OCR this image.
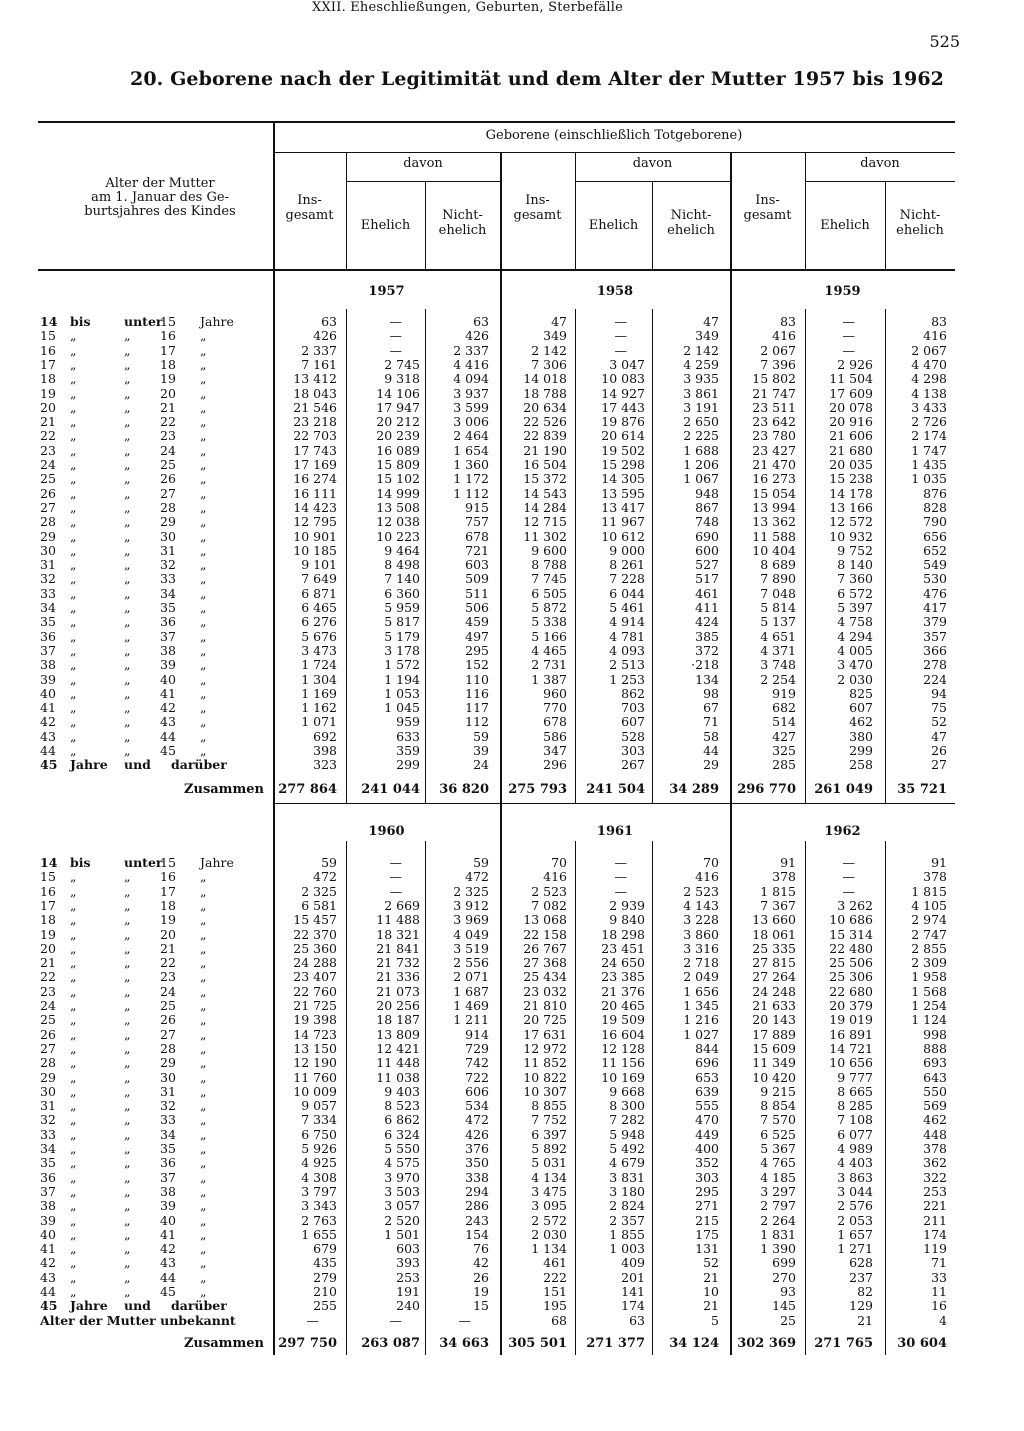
XXII. Eheschließungen, Geburten, Sterbefälle
525
20. Geborene nach der Legitimität und dem Alter der Mutter 1957 bis 1962
Alter der Mutter
am 1. Januar des Ge-
burtsjahres des Kindes
Geborene (einschließlich Totgeborene)
davon
Ins-
gesamt
Ehelich
Nicht-
ehelich
davon
Ins-
gesamt
Ehelich
Nicht-
ehelich
davon
Ins-
gesamt
Ehelich
Nicht-
ehelich
1957	1958	1959
14 bis	unter
15 Jahre	63	—	63	47	—	47	83	—	83
15 „	„ 16 „	426	—	426	349	—	349	416	—	416
16 „	„ 17 „	2 337	—	2 337	2 142	—	2 142	2 067	—	2 067
17 „	„ 18 „	7 161	2 745	4 416	7 306	3 047	4 259	7 396	2 926	4 470
18 „	„ 19 „	13 412	9 318	4 094	14 018	10 083	3 935	15 802	11 504	4 298
19 „	„ 20 „	18 043	14 106	3 937	18 788	14 927	3 861	21 747	17 609	4 138
20 „	„ 21 „	21 546	17 947	3 599	20 634	17 443	3 191	23 511	20 078	3 433
21 „	„ 22 „	23 218	20 212	3 006	22 526	19 876	2 650	23 642	20 916	2 726
22 „	„ 23 „	22 703	20 239	2 464	22 839	20 614	2 225	23 780	21 606	2 174
23 „	„ 24 „	17 743	16 089	1 654	21 190	19 502	1 688	23 427	21 680	1 747
24 „	„ 25 „	17 169	15 809	1 360	16 504	15 298	1 206	21 470	20 035	1 435
25 „	„ 26 „	16 274	15 102	1 172	15 372	14 305	1 067	16 273	15 238	1 035
26 „	„ 27 „	16 111	14 999	1 112	14 543	13 595	948	15 054	14 178	876
27 „	„ 28 „	14 423	13 508	915	14 284	13 417	867	13 994	13 166	828
28 „	„ 29 „	12 795	12 038	757	12 715	11 967	748	13 362	12 572	790
29 „	„ 30 „	10 901	10 223	678	11 302	10 612	690	11 588	10 932	656
30 „	„ 31 „	10 185	9 464	721	9 600	9 000	600	10 404	9 752	652
31 „	„ 32 „	9 101	8 498	603	8 788	8 261	527	8 689	8 140	549
32 „	„ 33 „	7 649	7 140	509	7 745	7 228	517	7 890	7 360	530
33 „	„ 34 „	6 871	6 360	511	6 505	6 044	461	7 048	6 572	476
34 „	„ 35 „	6 465	5 959	506	5 872	5 461	411	5 814	5 397	417
35 „	„ 36 „	6 276	5 817	459	5 338	4 914	424	5 137	4 758	379
36 „	„ 37 „	5 676	5 179	497	5 166	4 781	385	4 651	4 294	357
37 „	„ 38 „	3 473	3 178	295	4 465	4 093	372	4 371	4 005	366
38 „	„ 39 „	1 724	1 572	152	2 731	2 513	·218	3 748	3 470	278
39 „	„ 40 „	1 304	1 194	110	1 387	1 253	134	2 254	2 030	224
40 „	„ 41 „	1 169	1 053	116	960	862	98	919	825	94
41 „	„ 42 „	1 162	1 045	117	770	703	67	682	607	75
42 „	„ 43 „	1 071	959	112	678	607	71	514	462	52
43 „	„ 44 „	692	633	59	586	528	58	427	380	47
44 „	„ 45 „	398	359	39	347	303	44	325	299	26
45 Jahre und darüber	323	299	24	296	267	29	285	258	27
Zusammen	277 864	241 044	36 820	275 793	241 504	34 289	296 770	261 049	35 721
1960	1961	1962
14 bis	unter
15 Jahre	59	—	59	70	—	70	91	—	91
15 „	„ 16 „	472	—	472	416	—	416	378	—	378
16 „	„ 17 „	2 325	—	2 325	2 523	—	2 523	1 815	—	1 815
17 „	„ 18 „	6 581	2 669	3 912	7 082	2 939	4 143	7 367	3 262	4 105
18 „	„ 19 „	15 457	11 488	3 969	13 068	9 840	3 228	13 660	10 686	2 974
19 „	„ 20 „	22 370	18 321	4 049	22 158	18 298	3 860	18 061	15 314	2 747
20 „	„ 21 „	25 360	21 841	3 519	26 767	23 451	3 316	25 335	22 480	2 855
21 „	„ 22 „	24 288	21 732	2 556	27 368	24 650	2 718	27 815	25 506	2 309
22 „	„ 23 „	23 407	21 336	2 071	25 434	23 385	2 049	27 264	25 306	1 958
23 „	„ 24 „	22 760	21 073	1 687	23 032	21 376	1 656	24 248	22 680	1 568
24 „	„ 25 „	21 725	20 256	1 469	21 810	20 465	1 345	21 633	20 379	1 254
25 „	„ 26 „	19 398	18 187	1 211	20 725	19 509	1 216	20 143	19 019	1 124
26 „	„ 27 „	14 723	13 809	914	17 631	16 604	1 027	17 889	16 891	998
27 „	„ 28 „	13 150	12 421	729	12 972	12 128	844	15 609	14 721	888
28 „	„ 29 „	12 190	11 448	742	11 852	11 156	696	11 349	10 656	693
29 „	„ 30 „	11 760	11 038	722	10 822	10 169	653	10 420	9 777	643
30 „	„ 31 „	10 009	9 403	606	10 307	9 668	639	9 215	8 665	550
31 „	„ 32 „	9 057	8 523	534	8 855	8 300	555	8 854	8 285	569
32 „	„ 33 „	7 334	6 862	472	7 752	7 282	470	7 570	7 108	462
33 „	„ 34 „	6 750	6 324	426	6 397	5 948	449	6 525	6 077	448
34 „	„ 35 „	5 926	5 550	376	5 892	5 492	400	5 367	4 989	378
35 „	„ 36 „	4 925	4 575	350	5 031	4 679	352	4 765	4 403	362
36 „	„ 37 „	4 308	3 970	338	4 134	3 831	303	4 185	3 863	322
37 „	„ 38 „	3 797	3 503	294	3 475	3 180	295	3 297	3 044	253
38 „	„ 39 „	3 343	3 057	286	3 095	2 824	271	2 797	2 576	221
39 „	„ 40 „	2 763	2 520	243	2 572	2 357	215	2 264	2 053	211
40 „	„ 41 „	1 655	1 501	154	2 030	1 855	175	1 831	1 657	174
41 „	„ 42 „	679	603	76	1 134	1 003	131	1 390	1 271	119
42 „	„ 43 „	435	393	42	461	409	52	699	628	71
43 „	„ 44 „	279	253	26	222	201	21	270	237	33
44 „	„ 45 „	210	191	19	151	141	10	93	82	11
45 Jahre und darüber	255	240	15	195	174	21	145	129	16
Alter der Mutter unbekannt	—	—	—	68	63	5	25	21	4
Zusammen	297 750	263 087	34 663	305 501	271 377	34 124	302 369	271 765	30 604
